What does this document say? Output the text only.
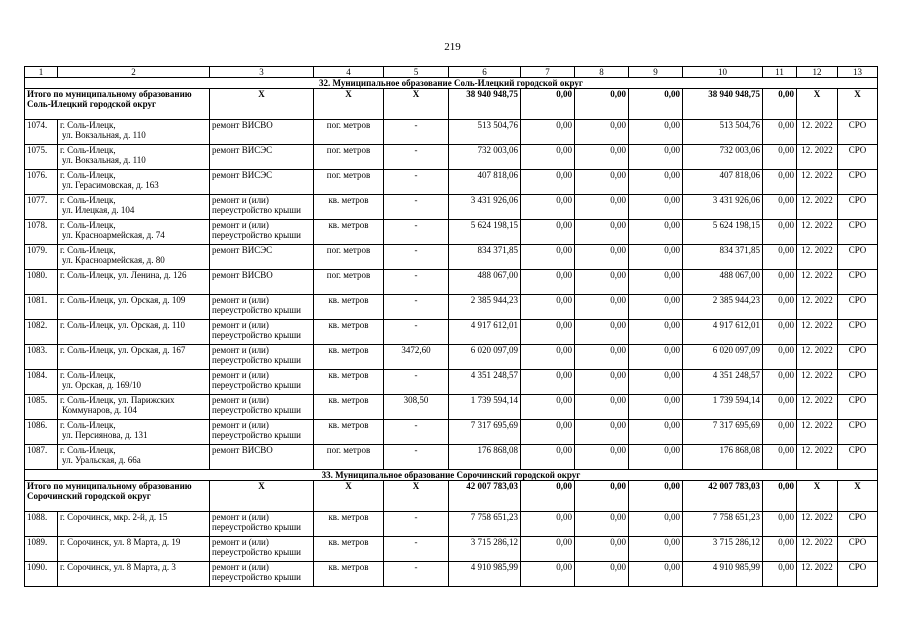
219
1	2	3	4	5	6	7	8	9	10	11	12	13
32. Муниципальное образование Соль-Илецкий городской округ												
Итого по муниципальному образованию Соль-Илецкий городской округ		X	X	X	38 940 948,75	0,00	0,00	0,00	38 940 948,75	0,00	X	X
1074.	г. Соль-Илецк,
ул. Вокзальная, д. 110	ремонт ВИСВО	пог. метров	-	513 504,76	0,00	0,00	0,00	513 504,76	0,00	12. 2022	СРО
1075.	г. Соль-Илецк,
ул. Вокзальная, д. 110	ремонт ВИСЭС	пог. метров	-	732 003,06	0,00	0,00	0,00	732 003,06	0,00	12. 2022	СРО
1076.	г. Соль-Илецк,
ул. Герасимовская, д. 163	ремонт ВИСЭС	пог. метров	-	407 818,06	0,00	0,00	0,00	407 818,06	0,00	12. 2022	СРО
1077.	г. Соль-Илецк,
ул. Илецкая, д. 104	ремонт и (или) переустройство крыши	кв. метров	-	3 431 926,06	0,00	0,00	0,00	3 431 926,06	0,00	12. 2022	СРО
1078.	г. Соль-Илецк,
ул. Красноармейская, д. 74	ремонт и (или) переустройство крыши	кв. метров	-	5 624 198,15	0,00	0,00	0,00	5 624 198,15	0,00	12. 2022	СРО
1079.	г. Соль-Илецк,
ул. Красноармейская, д. 80	ремонт ВИСЭС	пог. метров	-	834 371,85	0,00	0,00	0,00	834 371,85	0,00	12. 2022	СРО
1080.	г. Соль-Илецк, ул. Ленина, д. 126	ремонт ВИСВО	пог. метров	-	488 067,00	0,00	0,00	0,00	488 067,00	0,00	12. 2022	СРО
1081.	г. Соль-Илецк, ул. Орская, д. 109	ремонт и (или) переустройство крыши	кв. метров	-	2 385 944,23	0,00	0,00	0,00	2 385 944,23	0,00	12. 2022	СРО
1082.	г. Соль-Илецк, ул. Орская, д. 110	ремонт и (или) переустройство крыши	кв. метров	-	4 917 612,01	0,00	0,00	0,00	4 917 612,01	0,00	12. 2022	СРО
1083.	г. Соль-Илецк, ул. Орская, д. 167	ремонт и (или) переустройство крыши	кв. метров	3472,60	6 020 097,09	0,00	0,00	0,00	6 020 097,09	0,00	12. 2022	СРО
1084.	г. Соль-Илецк,
ул. Орская, д. 169/10	ремонт и (или) переустройство крыши	кв. метров	-	4 351 248,57	0,00	0,00	0,00	4 351 248,57	0,00	12. 2022	СРО
1085.	г. Соль-Илецк, ул. Парижских
Коммунаров, д. 104	ремонт и (или) переустройство крыши	кв. метров	308,50	1 739 594,14	0,00	0,00	0,00	1 739 594,14	0,00	12. 2022	СРО
1086.	г. Соль-Илецк,
ул. Персиянова, д. 131	ремонт и (или) переустройство крыши	кв. метров	-	7 317 695,69	0,00	0,00	0,00	7 317 695,69	0,00	12. 2022	СРО
1087.	г. Соль-Илецк,
ул. Уральская, д. 66а	ремонт ВИСВО	пог. метров	-	176 868,08	0,00	0,00	0,00	176 868,08	0,00	12. 2022	СРО
33. Муниципальное образование Сорочинский городской округ												
Итого по муниципальному образованию Сорочинский городской округ		X	X	X	42 007 783,03	0,00	0,00	0,00	42 007 783,03	0,00	X	X
1088.	г. Сорочинск, мкр. 2-й, д. 15	ремонт и (или) переустройство крыши	кв. метров	-	7 758 651,23	0,00	0,00	0,00	7 758 651,23	0,00	12. 2022	СРО
1089.	г. Сорочинск, ул. 8 Марта, д. 19	ремонт и (или) переустройство крыши	кв. метров	-	3 715 286,12	0,00	0,00	0,00	3 715 286,12	0,00	12. 2022	СРО
1090.	г. Сорочинск, ул. 8 Марта, д. 3	ремонт и (или) переустройство крыши	кв. метров	-	4 910 985,99	0,00	0,00	0,00	4 910 985,99	0,00	12. 2022	СРО
